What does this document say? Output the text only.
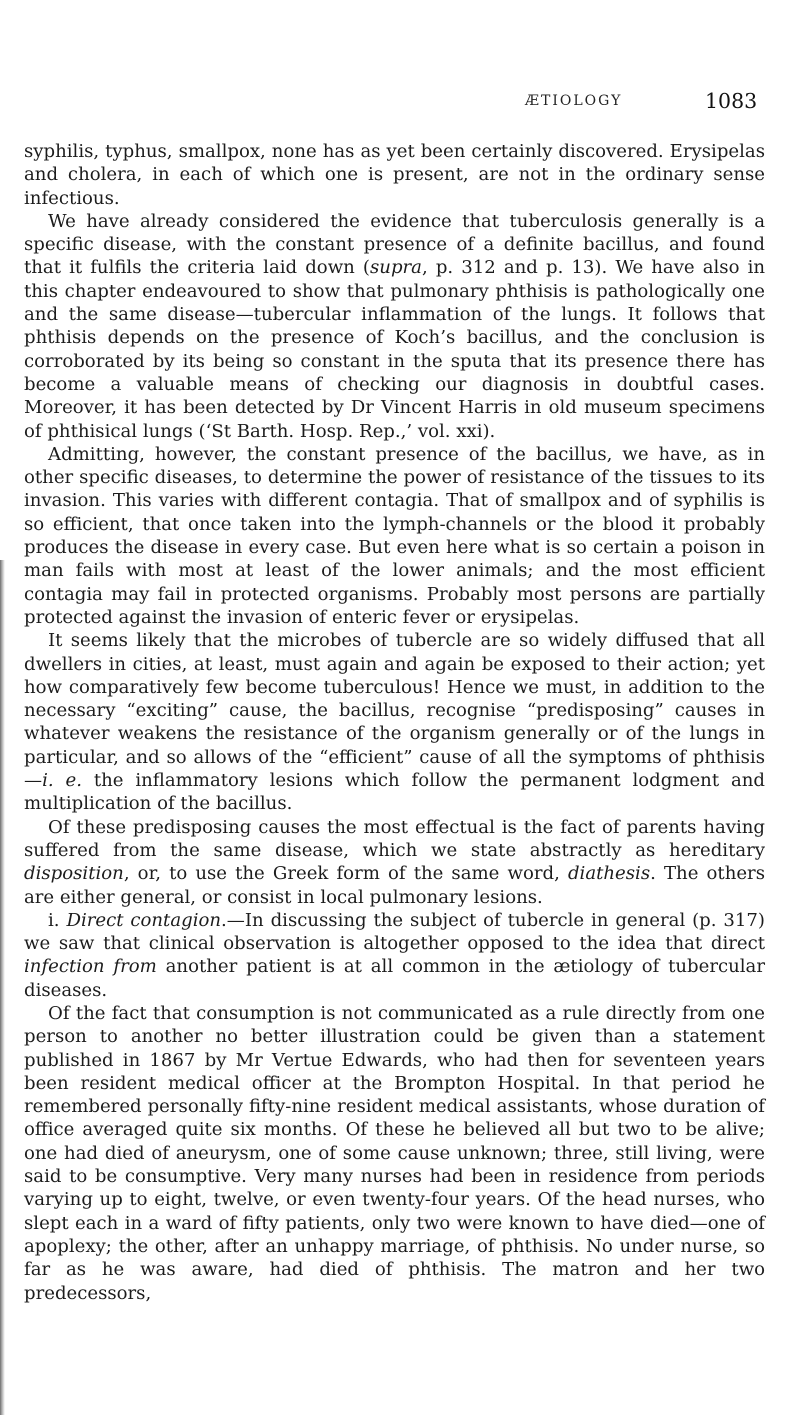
ÆTIOLOGY	1083

syphilis, typhus, smallpox, none has as yet been certainly discovered. Erysipelas and cholera, in each of which one is present, are not in the ordinary sense infectious.

We have already considered the evidence that tuberculosis generally is a specific disease, with the constant presence of a definite bacillus, and found that it fulfils the criteria laid down (supra, p. 312 and p. 13). We have also in this chapter endeavoured to show that pulmonary phthisis is pathologically one and the same disease—tubercular inflammation of the lungs. It follows that phthisis depends on the presence of Koch’s bacillus, and the conclusion is corroborated by its being so constant in the sputa that its presence there has become a valuable means of checking our diagnosis in doubtful cases. Moreover, it has been detected by Dr Vincent Harris in old museum specimens of phthisical lungs (‘St Barth. Hosp. Rep.,’ vol. xxi).

Admitting, however, the constant presence of the bacillus, we have, as in other specific diseases, to determine the power of resistance of the tissues to its invasion. This varies with different contagia. That of smallpox and of syphilis is so efficient, that once taken into the lymph-channels or the blood it probably produces the disease in every case. But even here what is so certain a poison in man fails with most at least of the lower animals; and the most efficient contagia may fail in protected organisms. Probably most persons are partially protected against the invasion of enteric fever or erysipelas.

It seems likely that the microbes of tubercle are so widely diffused that all dwellers in cities, at least, must again and again be exposed to their action; yet how comparatively few become tuberculous! Hence we must, in addition to the necessary “exciting” cause, the bacillus, recognise “predisposing” causes in whatever weakens the resistance of the organism generally or of the lungs in particular, and so allows of the “efficient” cause of all the symptoms of phthisis—i. e. the inflammatory lesions which follow the permanent lodgment and multiplication of the bacillus.

Of these predisposing causes the most effectual is the fact of parents having suffered from the same disease, which we state abstractly as hereditary disposition, or, to use the Greek form of the same word, diathesis. The others are either general, or consist in local pulmonary lesions.

i. Direct contagion.—In discussing the subject of tubercle in general (p. 317) we saw that clinical observation is altogether opposed to the idea that direct infection from another patient is at all common in the ætiology of tubercular diseases.

Of the fact that consumption is not communicated as a rule directly from one person to another no better illustration could be given than a statement published in 1867 by Mr Vertue Edwards, who had then for seventeen years been resident medical officer at the Brompton Hospital. In that period he remembered personally fifty-nine resident medical assistants, whose duration of office averaged quite six months. Of these he believed all but two to be alive; one had died of aneurysm, one of some cause unknown; three, still living, were said to be consumptive. Very many nurses had been in residence from periods varying up to eight, twelve, or even twenty-four years. Of the head nurses, who slept each in a ward of fifty patients, only two were known to have died—one of apoplexy; the other, after an unhappy marriage, of phthisis. No under nurse, so far as he was aware, had died of phthisis. The matron and her two predecessors,
